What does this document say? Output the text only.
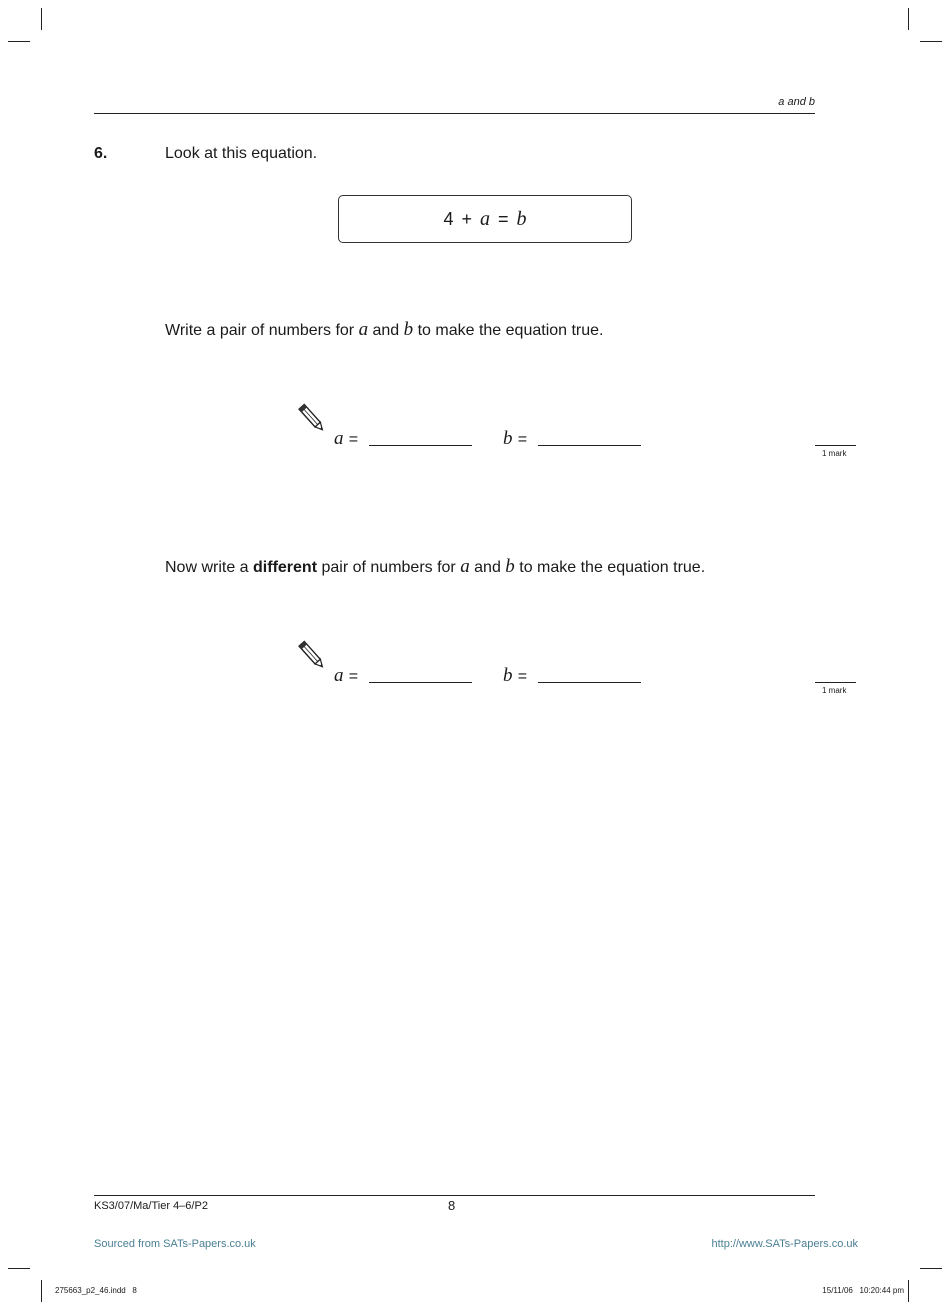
a and b
6.	Look at this equation.
4 + a = b
Write a pair of numbers for a and b to make the equation true.
a =	b =
1 mark
Now write a different pair of numbers for a and b to make the equation true.
a =	b =
1 mark
KS3/07/Ma/Tier 4–6/P2	8
Sourced from SATs-Papers.co.uk	http://www.SATs-Papers.co.uk
275663_p2_46.indd   8	15/11/06   10:20:44 pm
